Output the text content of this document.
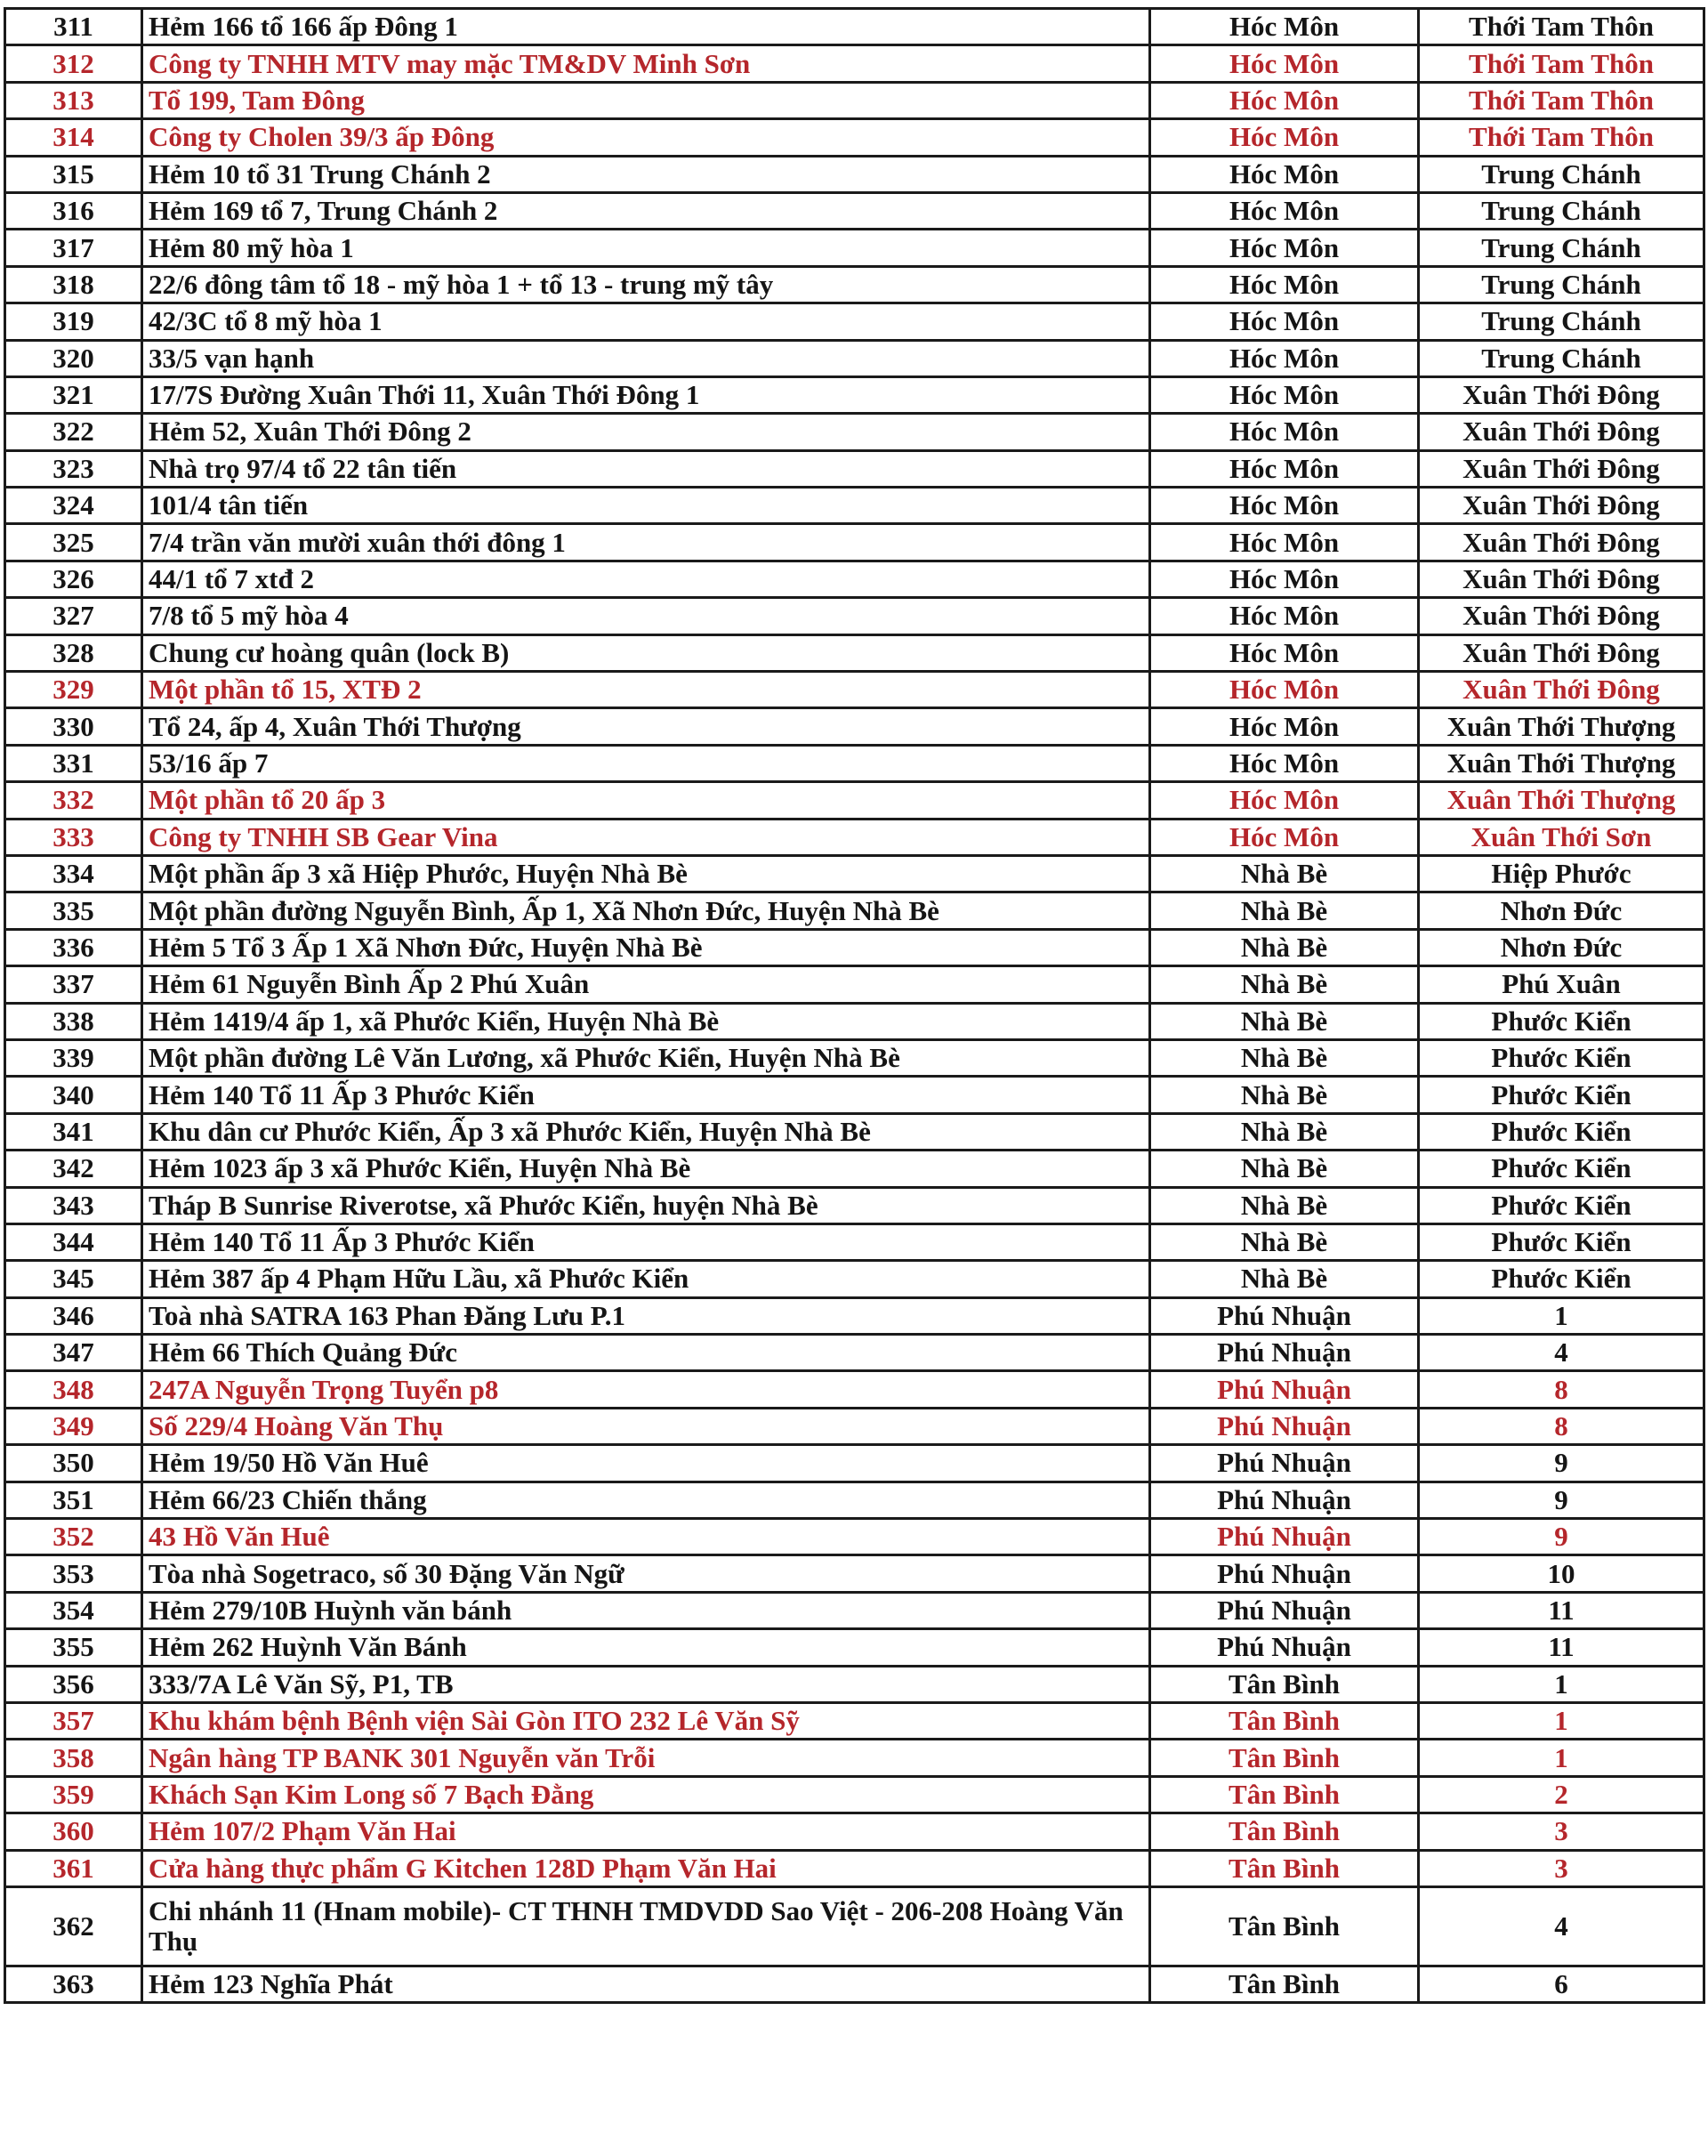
311	Hẻm 166 tổ 166 ấp Đông 1	Hóc Môn	Thới Tam Thôn
312	Công ty TNHH MTV may mặc TM&DV Minh Sơn	Hóc Môn	Thới Tam Thôn
313	Tổ 199, Tam Đông	Hóc Môn	Thới Tam Thôn
314	Công ty Cholen 39/3 ấp Đông	Hóc Môn	Thới Tam Thôn
315	Hẻm 10 tổ 31 Trung Chánh 2	Hóc Môn	Trung Chánh
316	Hẻm 169 tổ 7, Trung Chánh 2	Hóc Môn	Trung Chánh
317	Hẻm 80 mỹ hòa 1	Hóc Môn	Trung Chánh
318	22/6 đông tâm tổ 18 - mỹ hòa 1 + tổ 13 - trung mỹ tây	Hóc Môn	Trung Chánh
319	42/3C tổ 8 mỹ hòa 1	Hóc Môn	Trung Chánh
320	33/5 vạn hạnh	Hóc Môn	Trung Chánh
321	17/7S Đường Xuân Thới 11, Xuân Thới Đông 1	Hóc Môn	Xuân Thới Đông
322	Hẻm 52, Xuân Thới Đông 2	Hóc Môn	Xuân Thới Đông
323	Nhà trọ 97/4 tổ 22 tân tiến	Hóc Môn	Xuân Thới Đông
324	101/4 tân tiến	Hóc Môn	Xuân Thới Đông
325	7/4 trần văn mười xuân thới đông 1	Hóc Môn	Xuân Thới Đông
326	44/1 tổ 7 xtđ 2	Hóc Môn	Xuân Thới Đông
327	7/8 tổ 5 mỹ hòa 4	Hóc Môn	Xuân Thới Đông
328	Chung cư hoàng quân (lock B)	Hóc Môn	Xuân Thới Đông
329	Một phần tổ 15, XTĐ 2	Hóc Môn	Xuân Thới Đông
330	Tổ 24, ấp 4, Xuân Thới Thượng	Hóc Môn	Xuân Thới Thượng
331	53/16 ấp 7	Hóc Môn	Xuân Thới Thượng
332	Một phần tổ 20 ấp 3	Hóc Môn	Xuân Thới Thượng
333	Công ty TNHH SB Gear Vina	Hóc Môn	Xuân Thới Sơn
334	Một phần ấp 3 xã Hiệp Phước, Huyện Nhà Bè	Nhà Bè	Hiệp Phước
335	Một phần đường Nguyễn Bình, Ấp 1, Xã Nhơn Đức, Huyện Nhà Bè	Nhà Bè	Nhơn Đức
336	Hẻm 5 Tổ 3 Ấp 1 Xã Nhơn Đức, Huyện Nhà Bè	Nhà Bè	Nhơn Đức
337	Hẻm 61 Nguyễn Bình Ấp 2 Phú Xuân	Nhà Bè	Phú Xuân
338	Hẻm 1419/4 ấp 1, xã Phước Kiển, Huyện Nhà Bè	Nhà Bè	Phước Kiển
339	Một phần đường Lê Văn Lương, xã Phước Kiển, Huyện Nhà Bè	Nhà Bè	Phước Kiển
340	Hẻm 140 Tổ 11 Ấp 3 Phước Kiển	Nhà Bè	Phước Kiển
341	Khu dân cư Phước Kiển, Ấp 3 xã Phước Kiển, Huyện Nhà Bè	Nhà Bè	Phước Kiển
342	Hẻm 1023 ấp 3 xã Phước Kiển, Huyện Nhà Bè	Nhà Bè	Phước Kiển
343	Tháp B Sunrise Riverotse, xã Phước Kiển, huyện Nhà Bè	Nhà Bè	Phước Kiển
344	Hẻm 140 Tổ 11 Ấp 3 Phước Kiển	Nhà Bè	Phước Kiển
345	Hẻm 387 ấp 4 Phạm Hữu Lầu, xã Phước Kiển	Nhà Bè	Phước Kiển
346	Toà nhà SATRA 163 Phan Đăng Lưu P.1	Phú Nhuận	1
347	Hẻm 66 Thích Quảng Đức	Phú Nhuận	4
348	247A Nguyễn Trọng Tuyển p8	Phú Nhuận	8
349	Số 229/4 Hoàng Văn Thụ	Phú Nhuận	8
350	Hẻm 19/50 Hồ Văn Huê	Phú Nhuận	9
351	Hẻm 66/23 Chiến thắng	Phú Nhuận	9
352	43 Hồ Văn Huê	Phú Nhuận	9
353	Tòa nhà Sogetraco, số 30 Đặng Văn Ngữ	Phú Nhuận	10
354	Hẻm 279/10B Huỳnh văn bánh	Phú Nhuận	11
355	Hẻm 262 Huỳnh Văn Bánh	Phú Nhuận	11
356	333/7A Lê Văn Sỹ, P1, TB	Tân Bình	1
357	Khu khám bệnh Bệnh viện Sài Gòn ITO 232 Lê Văn Sỹ	Tân Bình	1
358	Ngân hàng TP BANK 301 Nguyễn văn Trỗi	Tân Bình	1
359	Khách Sạn Kim Long số 7 Bạch Đằng	Tân Bình	2
360	Hẻm 107/2 Phạm Văn Hai	Tân Bình	3
361	Cửa hàng thực phẩm G Kitchen 128D Phạm Văn Hai	Tân Bình	3
362	Chi nhánh 11 (Hnam mobile)- CT THNH TMDVDD Sao Việt - 206-208 Hoàng Văn Thụ	Tân Bình	4
363	Hẻm 123 Nghĩa Phát	Tân Bình	6
